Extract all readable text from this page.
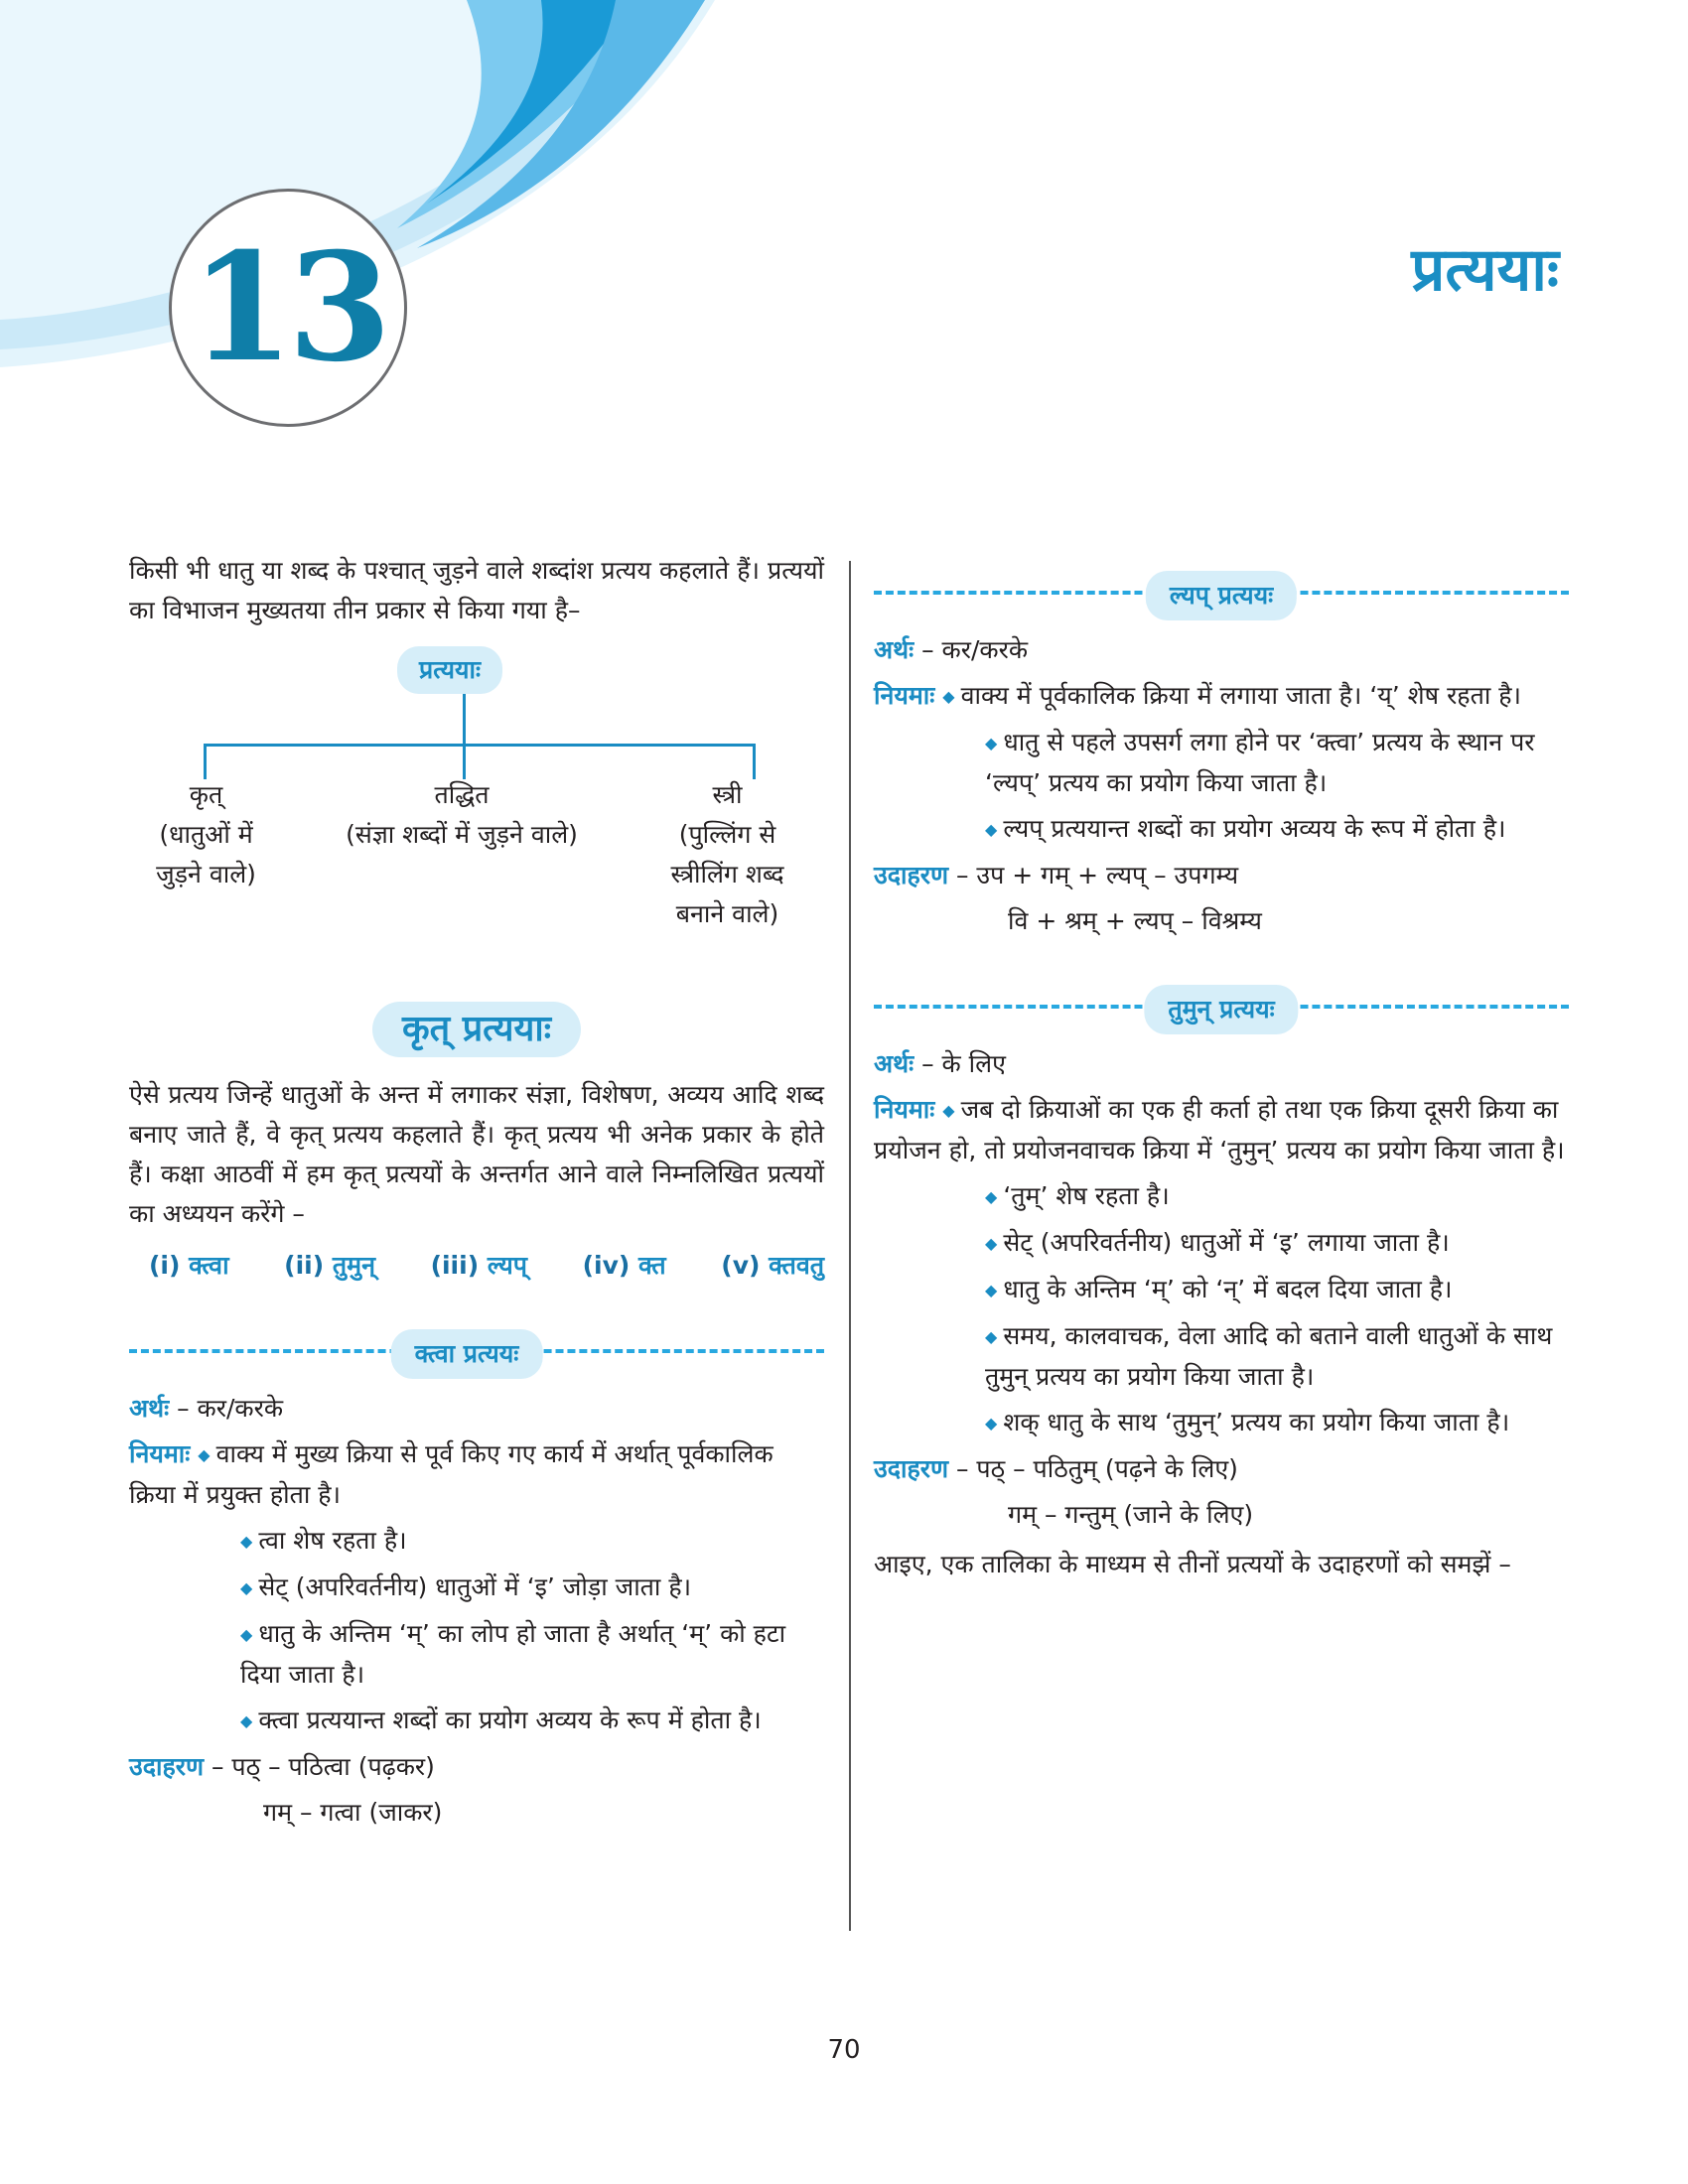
13	प्रत्ययाः

किसी भी धातु या शब्द के पश्चात् जुड़ने वाले शब्दांश प्रत्यय कहलाते हैं। प्रत्ययों का विभाजन मुख्यतया तीन प्रकार से किया गया है–

प्रत्ययाः
कृत्
(धातुओं में जुड़ने वाले)
तद्धित
(संज्ञा शब्दों में जुड़ने वाले)
स्त्री
(पुल्लिंग से स्त्रीलिंग शब्द बनाने वाले)
कृत् प्रत्ययाः

ऐसे प्रत्यय जिन्हें धातुओं के अन्त में लगाकर संज्ञा, विशेषण, अव्यय आदि शब्द बनाए जाते हैं, वे कृत् प्रत्यय कहलाते हैं। कृत् प्रत्यय भी अनेक प्रकार के होते हैं। कक्षा आठवीं में हम कृत् प्रत्ययों के अन्तर्गत आने वाले निम्नलिखित प्रत्ययों का अध्ययन करेंगे –

(i) क्त्वा (ii) तुमुन् (iii) ल्यप् (iv) क्त (v) क्तवतु
क्त्वा प्रत्ययः
अर्थः – कर/करके
नियमाः ◆ वाक्य में मुख्य क्रिया से पूर्व किए गए कार्य में अर्थात् पूर्वकालिक क्रिया में प्रयुक्त होता है।
◆ त्वा शेष रहता है।
◆ सेट् (अपरिवर्तनीय) धातुओं में ‘इ’ जोड़ा जाता है।
◆ धातु के अन्तिम ‘म्’ का लोप हो जाता है अर्थात् ‘म्’ को हटा दिया जाता है।
◆ क्त्वा प्रत्ययान्त शब्दों का प्रयोग अव्यय के रूप में होता है।
उदाहरण – पठ् – पठित्वा (पढ़कर)
गम् – गत्वा (जाकर)
ल्यप् प्रत्ययः
अर्थः – कर/करके
नियमाः ◆ वाक्य में पूर्वकालिक क्रिया में लगाया जाता है। ‘य्’ शेष रहता है।
◆ धातु से पहले उपसर्ग लगा होने पर ‘क्त्वा’ प्रत्यय के स्थान पर ‘ल्यप्’ प्रत्यय का प्रयोग किया जाता है।
◆ ल्यप् प्रत्ययान्त शब्दों का प्रयोग अव्यय के रूप में होता है।
उदाहरण – उप + गम् + ल्यप् – उपगम्य
वि + श्रम् + ल्यप् – विश्रम्य
तुमुन् प्रत्ययः
अर्थः – के लिए
नियमाः ◆ जब दो क्रियाओं का एक ही कर्ता हो तथा एक क्रिया दूसरी क्रिया का प्रयोजन हो, तो प्रयोजनवाचक क्रिया में ‘तुमुन्’ प्रत्यय का प्रयोग किया जाता है।
◆ ‘तुम्’ शेष रहता है।
◆ सेट् (अपरिवर्तनीय) धातुओं में ‘इ’ लगाया जाता है।
◆ धातु के अन्तिम ‘म्’ को ‘न्’ में बदल दिया जाता है।
◆ समय, कालवाचक, वेला आदि को बताने वाली धातुओं के साथ तुमुन् प्रत्यय का प्रयोग किया जाता है।
◆ शक् धातु के साथ ‘तुमुन्’ प्रत्यय का प्रयोग किया जाता है।
उदाहरण – पठ् – पठितुम् (पढ़ने के लिए)
गम् – गन्तुम् (जाने के लिए)

आइए, एक तालिका के माध्यम से तीनों प्रत्ययों के उदाहरणों को समझें –

70
